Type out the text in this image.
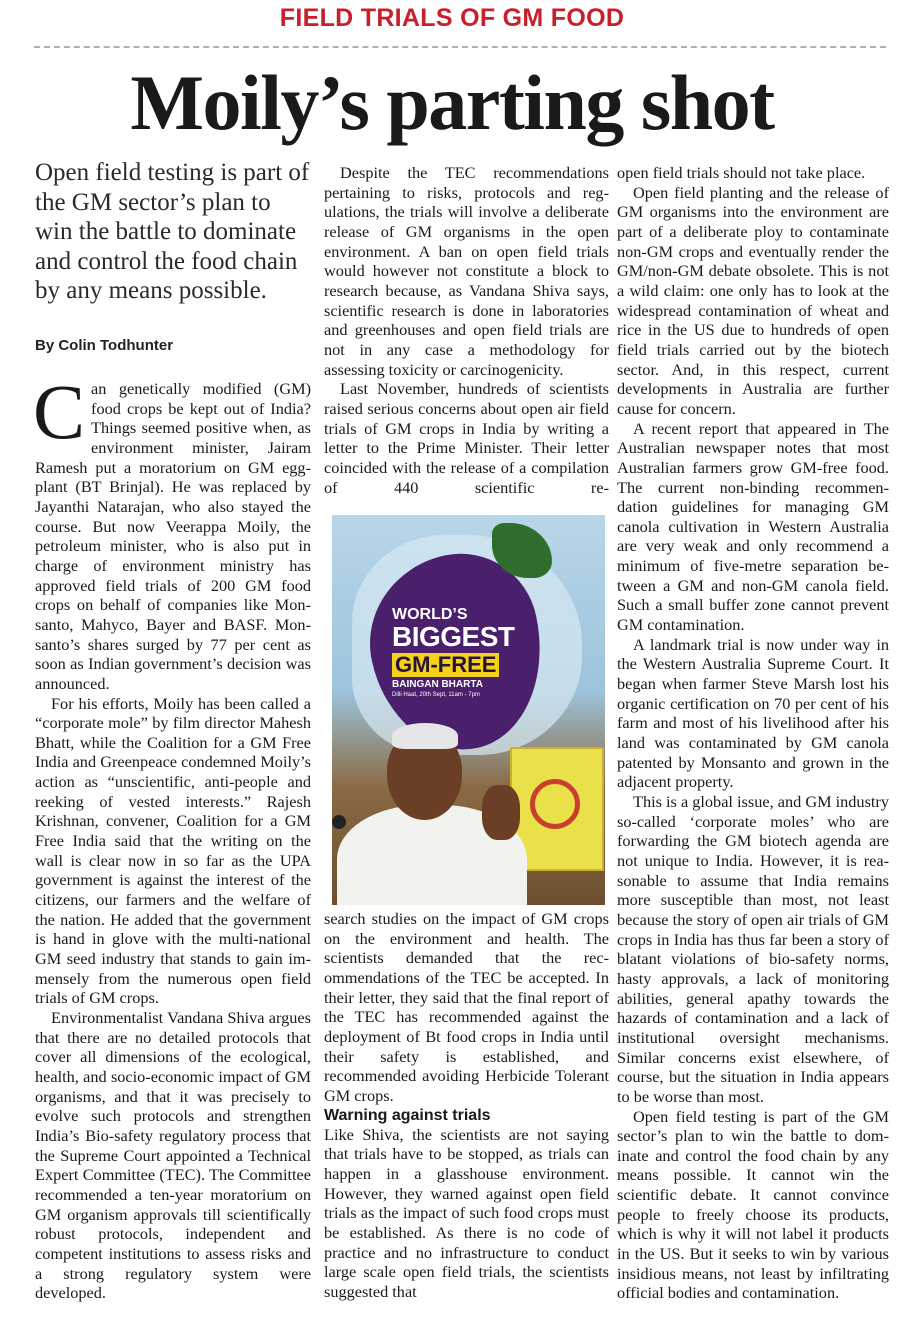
FIELD TRIALS OF GM FOOD
Moily’s parting shot
Open field testing is part of the GM sector’s plan to win the battle to dominate and control the food chain by any means possible.
By Colin Todhunter

Can genetically modified (GM) food crops be kept out of India? Things seemed positive when, as environment minister, Jairam Ramesh put a moratorium on GM eggplant (BT Brinjal). He was replaced by Jayanthi Natarajan, who also stayed the course. But now Veerappa Moily, the petroleum minister, who is also put in charge of environment ministry has approved field trials of 200 GM food crops on behalf of companies like Monsanto, Mahyco, Bayer and BASF. Monsanto’s shares surged by 77 per cent as soon as Indian government’s decision was announced.

For his efforts, Moily has been called a “corporate mole” by film director Mahesh Bhatt, while the Coalition for a GM Free India and Greenpeace condemned Moily’s action as “unscientific, anti-people and reeking of vested interests.” Rajesh Krishnan, convener, Coalition for a GM Free India said that the writing on the wall is clear now in so far as the UPA government is against the interest of the citizens, our farmers and the welfare of the nation. He added that the government is hand in glove with the multi-national GM seed industry that stands to gain immensely from the numerous open field trials of GM crops.

Environmentalist Vandana Shiva argues that there are no detailed protocols that cover all dimensions of the ecological, health, and socio-economic impact of GM organisms, and that it was precisely to evolve such protocols and strengthen India’s Bio-safety regulatory process that the Supreme Court appointed a Technical Expert Committee (TEC). The Committee recommended a ten-year moratorium on GM organism approvals till scientifically robust protocols, independent and competent institutions to assess risks and a strong regulatory system were developed.

Despite the TEC recommendations pertaining to risks, protocols and regulations, the trials will involve a deliberate release of GM organisms in the open environment. A ban on open field trials would however not constitute a block to research because, as Vandana Shiva says, scientific research is done in laboratories and greenhouses and open field trials are not in any case a methodology for assessing toxicity or carcinogenicity.

Last November, hundreds of scientists raised serious concerns about open air field trials of GM crops in India by writing a letter to the Prime Minister. Their letter coincided with the release of a compilation of 440 scientific re-

WORLD’S
BIGGEST
GM-FREE
BAINGAN BHARTA
Dilli Haat, 20th Sept, 11am - 7pm

search studies on the impact of GM crops on the environment and health. The scientists demanded that the recommendations of the TEC be accepted. In their letter, they said that the final report of the TEC has recommended against the deployment of Bt food crops in India until their safety is established, and recommended avoiding Herbicide Tolerant GM crops.

Warning against trials

Like Shiva, the scientists are not saying that trials have to be stopped, as trials can happen in a glasshouse environment. However, they warned against open field trials as the impact of such food crops must be established. As there is no code of practice and no infrastructure to conduct large scale open field trials, the scientists suggested that

open field trials should not take place.

Open field planting and the release of GM organisms into the environment are part of a deliberate ploy to contaminate non-GM crops and eventually render the GM/non-GM debate obsolete. This is not a wild claim: one only has to look at the widespread contamination of wheat and rice in the US due to hundreds of open field trials carried out by the biotech sector. And, in this respect, current developments in Australia are further cause for concern.

A recent report that appeared in The Australian newspaper notes that most Australian farmers grow GM-free food. The current non-binding recommendation guidelines for managing GM canola cultivation in Western Australia are very weak and only recommend a minimum of five-metre separation between a GM and non-GM canola field. Such a small buffer zone cannot prevent GM contamination.

A landmark trial is now under way in the Western Australia Supreme Court. It began when farmer Steve Marsh lost his organic certification on 70 per cent of his farm and most of his livelihood after his land was contaminated by GM canola patented by Monsanto and grown in the adjacent property.

This is a global issue, and GM industry so-called ‘corporate moles’ who are forwarding the GM biotech agenda are not unique to India. However, it is reasonable to assume that India remains more susceptible than most, not least because the story of open air trials of GM crops in India has thus far been a story of blatant violations of bio-safety norms, hasty approvals, a lack of monitoring abilities, general apathy towards the hazards of contamination and a lack of institutional oversight mechanisms. Similar concerns exist elsewhere, of course, but the situation in India appears to be worse than most.

Open field testing is part of the GM sector’s plan to win the battle to dominate and control the food chain by any means possible. It cannot win the scientific debate. It cannot convince people to freely choose its products, which is why it will not label it products in the US. But it seeks to win by various insidious means, not least by infiltrating official bodies and contamination.
